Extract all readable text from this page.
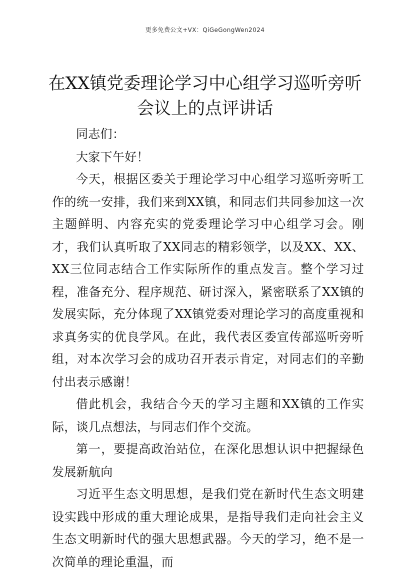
更多免费公文+VX：QiGeGongWen2024
在XX镇党委理论学习中心组学习巡听旁听会议上的点评讲话

同志们：

大家下午好！

今天，根据区委关于理论学习中心组学习巡听旁听工作的统一安排，我们来到XX镇，和同志们共同参加这一次主题鲜明、内容充实的党委理论学习中心组学习会。刚才，我们认真听取了XX同志的精彩领学，以及XX、XX、XX三位同志结合工作实际所作的重点发言。整个学习过程，准备充分、程序规范、研讨深入，紧密联系了XX镇的发展实际，充分体现了XX镇党委对理论学习的高度重视和求真务实的优良学风。在此，我代表区委宣传部巡听旁听组，对本次学习会的成功召开表示肯定，对同志们的辛勤付出表示感谢！

借此机会，我结合今天的学习主题和XX镇的工作实际，谈几点想法，与同志们作个交流。

第一，要提高政治站位，在深化思想认识中把握绿色发展新航向

习近平生态文明思想，是我们党在新时代生态文明建设实践中形成的重大理论成果，是指导我们走向社会主义生态文明新时代的强大思想武器。今天的学习，绝不是一次简单的理论重温，而
